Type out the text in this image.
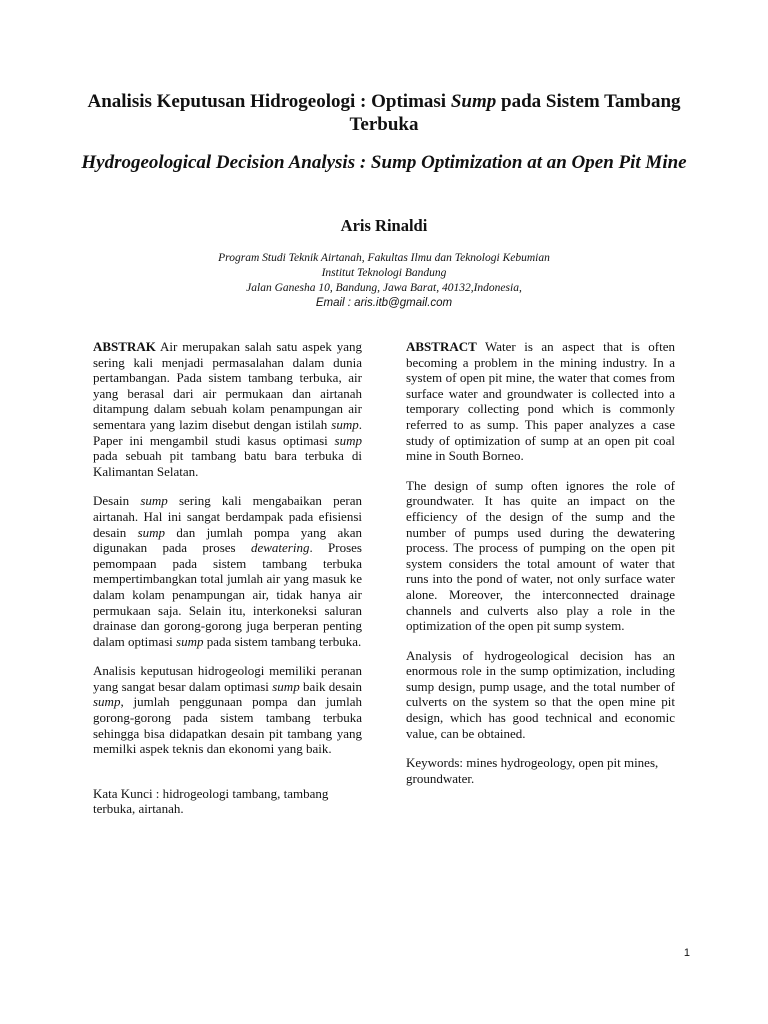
Analisis Keputusan Hidrogeologi : Optimasi Sump pada Sistem Tambang Terbuka
Hydrogeological Decision Analysis : Sump Optimization at an Open Pit Mine
Aris Rinaldi
Program Studi Teknik Airtanah, Fakultas Ilmu dan Teknologi Kebumian
Institut Teknologi Bandung
Jalan Ganesha 10, Bandung, Jawa Barat, 40132,Indonesia,
Email : aris.itb@gmail.com

ABSTRAK Air merupakan salah satu aspek yang sering kali menjadi permasalahan dalam dunia pertambangan. Pada sistem tambang terbuka, air yang berasal dari air permukaan dan airtanah ditampung dalam sebuah kolam penampungan air sementara yang lazim disebut dengan istilah sump. Paper ini mengambil studi kasus optimasi sump pada sebuah pit tambang batu bara terbuka di Kalimantan Selatan.

Desain sump sering kali mengabaikan peran airtanah. Hal ini sangat berdampak pada efisiensi desain sump dan jumlah pompa yang akan digunakan pada proses dewatering. Proses pemompaan pada sistem tambang terbuka mempertimbangkan total jumlah air yang masuk ke dalam kolam penampungan air, tidak hanya air permukaan saja. Selain itu, interkoneksi saluran drainase dan gorong-gorong juga berperan penting dalam optimasi sump pada sistem tambang terbuka.

Analisis keputusan hidrogeologi memiliki peranan yang sangat besar dalam optimasi sump baik desain sump, jumlah penggunaan pompa dan jumlah gorong-gorong pada sistem tambang terbuka sehingga bisa didapatkan desain pit tambang yang memilki aspek teknis dan ekonomi yang baik.

Kata Kunci : hidrogeologi tambang, tambang terbuka, airtanah.

ABSTRACT Water is an aspect that is often becoming a problem in the mining industry. In a system of open pit mine, the water that comes from surface water and groundwater is collected into a temporary collecting pond which is commonly referred to as sump. This paper analyzes a case study of optimization of sump at an open pit coal mine in South Borneo.

The design of sump often ignores the role of groundwater. It has quite an impact on the efficiency of the design of the sump and the number of pumps used during the dewatering process. The process of pumping on the open pit system considers the total amount of water that runs into the pond of water, not only surface water alone. Moreover, the interconnected drainage channels and culverts also play a role in the optimization of the open pit sump system.

Analysis of hydrogeological decision has an enormous role in the sump optimization, including sump design, pump usage, and the total number of culverts on the system so that the open mine pit design, which has good technical and economic value, can be obtained.

Keywords: mines hydrogeology, open pit mines, groundwater.

1
